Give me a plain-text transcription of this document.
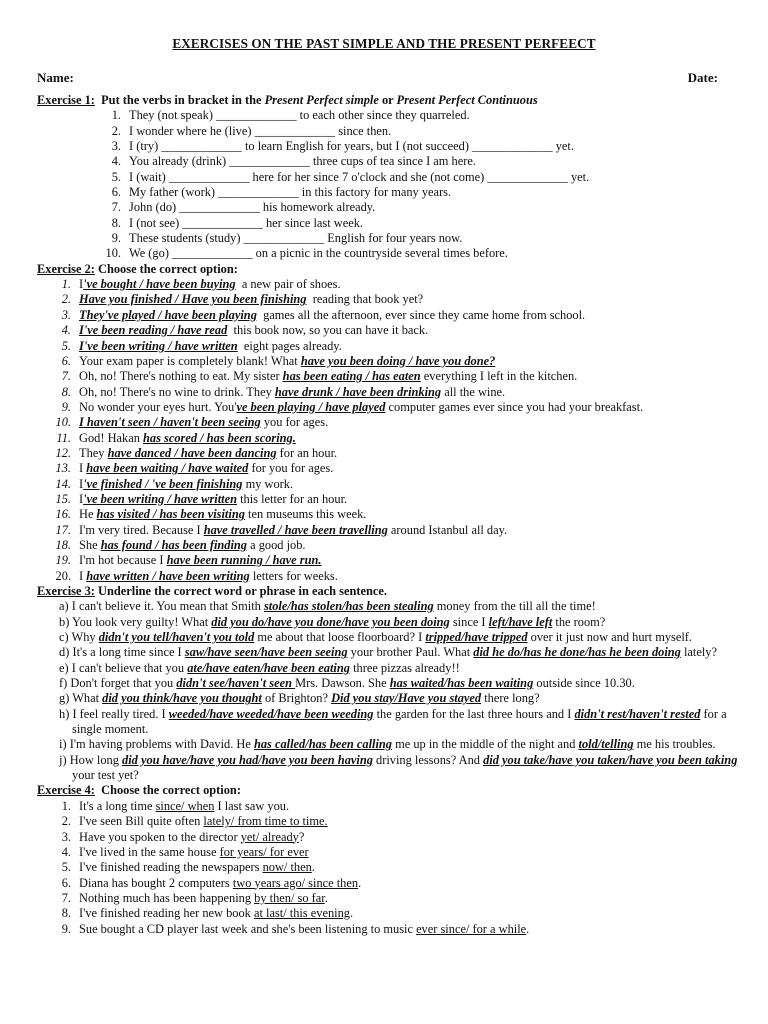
EXERCISES ON THE PAST SIMPLE AND THE PRESENT PERFEECT
Name:	Date:
Exercise 1:  Put the verbs in bracket in the Present Perfect simple or Present Perfect Continuous
1. They (not speak) _____________ to each other since they quarreled.
2. I wonder where he (live) _____________ since then.
3. I (try) _____________ to learn English for years, but I (not succeed) _____________ yet.
4. You already (drink) _____________ three cups of tea since I am here.
5. I (wait) _____________ here for her since 7 o'clock and she (not come) _____________ yet.
6. My father (work) _____________ in this factory for many years.
7. John (do) _____________ his homework already.
8. I (not see) _____________ her since last week.
9. These students (study) _____________ English for four years now.
10. We (go) _____________ on a picnic in the countryside several times before.
Exercise 2: Choose the correct option:
1. I've bought / have been buying  a new pair of shoes.
2. Have you finished / Have you been finishing  reading that book yet?
3. They've played / have been playing  games all the afternoon, ever since they came home from school.
4. I've been reading / have read  this book now, so you can have it back.
5. I've been writing / have written  eight pages already.
6. Your exam paper is completely blank! What have you been doing / have you done?
7. Oh, no! There's nothing to eat. My sister has been eating / has eaten everything I left in the kitchen.
8. Oh, no! There's no wine to drink. They have drunk / have been drinking all the wine.
9. No wonder your eyes hurt. You've been playing / have played computer games ever since you had your breakfast.
10. I haven't seen / haven't been seeing you for ages.
11. God! Hakan has scored / has been scoring.
12. They have danced / have been dancing for an hour.
13. I have been waiting / have waited for you for ages.
14. I've finished / 've been finishing my work.
15. I've been writing / have written this letter for an hour.
16. He has visited / has been visiting ten museums this week.
17. I'm very tired. Because I have travelled / have been travelling around Istanbul all day.
18. She has found / has been finding a good job.
19. I'm hot because I have been running / have run.
20. I have written / have been writing letters for weeks.
Exercise 3: Underline the correct word or phrase in each sentence.
a) I can't believe it. You mean that Smith stole/has stolen/has been stealing money from the till all the time!
b) You look very guilty! What did you do/have you done/have you been doing since I left/have left the room?
c) Why didn't you tell/haven't you told me about that loose floorboard? I tripped/have tripped over it just now and hurt myself.
d) It's a long time since I saw/have seen/have been seeing your brother Paul. What did he do/has he done/has he been doing lately?
e) I can't believe that you ate/have eaten/have been eating three pizzas already!!
f) Don't forget that you didn't see/haven't seen Mrs. Dawson. She has waited/has been waiting outside since 10.30.
g) What did you think/have you thought of Brighton? Did you stay/Have you stayed there long?
h) I feel really tired. I weeded/have weeded/have been weeding the garden for the last three hours and I didn't rest/haven't rested for a single moment.
i) I'm having problems with David. He has called/has been calling me up in the middle of the night and told/telling me his troubles.
j) How long did you have/have you had/have you been having driving lessons? And did you take/have you taken/have you been taking your test yet?
Exercise 4:  Choose the correct option:
1. It's a long time since/ when I last saw you.
2. I've seen Bill quite often lately/ from time to time.
3. Have you spoken to the director yet/ already?
4. I've lived in the same house for years/ for ever
5. I've finished reading the newspapers now/ then.
6. Diana has bought 2 computers two years ago/ since then.
7. Nothing much has been happening by then/ so far.
8. I've finished reading her new book at last/ this evening.
9. Sue bought a CD player last week and she's been listening to music ever since/ for a while.
